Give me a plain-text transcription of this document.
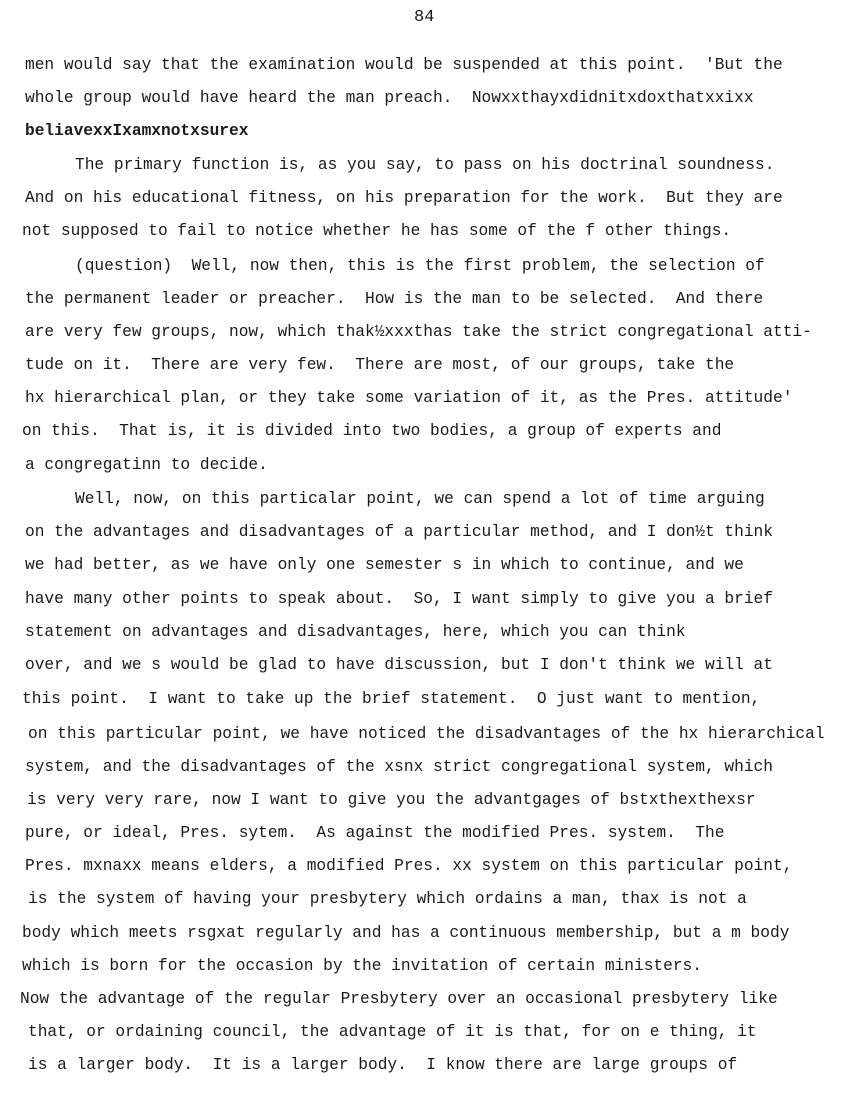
84
men would say that the examination would be suspended at this point.  'But the
whole group would have heard the man preach.  Nowxxthayxdidnitxdoxthatxxixx
beliavexxIxamxnotxsurex
The primary function is, as you say, to pass on his doctrinal soundness.
And on his educational fitness, on his preparation for the work.  But they are
not supposed to fail to notice whether he has some of the f other things.
(question)  Well, now then, this is the first problem, the selection of
the permanent leader or preacher.  How is the man to be selected.  And there
are very few groups, now, which thak½xxxthas take the strict congregational atti-
tude on it.  There are very few.  There are most, of our groups, take the
hx hierarchical plan, or they take some variation of it, as the Pres. attitude'
on this.  That is, it is divided into two bodies, a group of experts and
a congregatinn to decide.
Well, now, on this particalar point, we can spend a lot of time arguing
on the advantages and disadvantages of a particular method, and I don½t think
we had better, as we have only one semester s in which to continue, and we
have many other points to speak about.  So, I want simply to give you a brief
statement on advantages and disadvantages, here, which you can think
over, and we s would be glad to have discussion, but I don't think we will at
this point.  I want to take up the brief statement.  O just want to mention,
on this particular point, we have noticed the disadvantages of the hx hierarchical
system, and the disadvantages of the xsnx strict congregational system, which
is very very rare, now I want to give you the advantgages of bstxthexthexsr
pure, or ideal, Pres. sytem.  As against the modified Pres. system.  The
Pres. mxnaxx means elders, a modified Pres. xx system on this particular point,
is the system of having your presbytery which ordains a man, thax is not a
body which meets rsgxat regularly and has a continuous membership, but a m body
which is born for the occasion by the invitation of certain ministers.
Now the advantage of the regular Presbytery over an occasional presbytery like
that, or ordaining council, the advantage of it is that, for on e thing, it
is a larger body.  It is a larger body.  I know there are large groups of
